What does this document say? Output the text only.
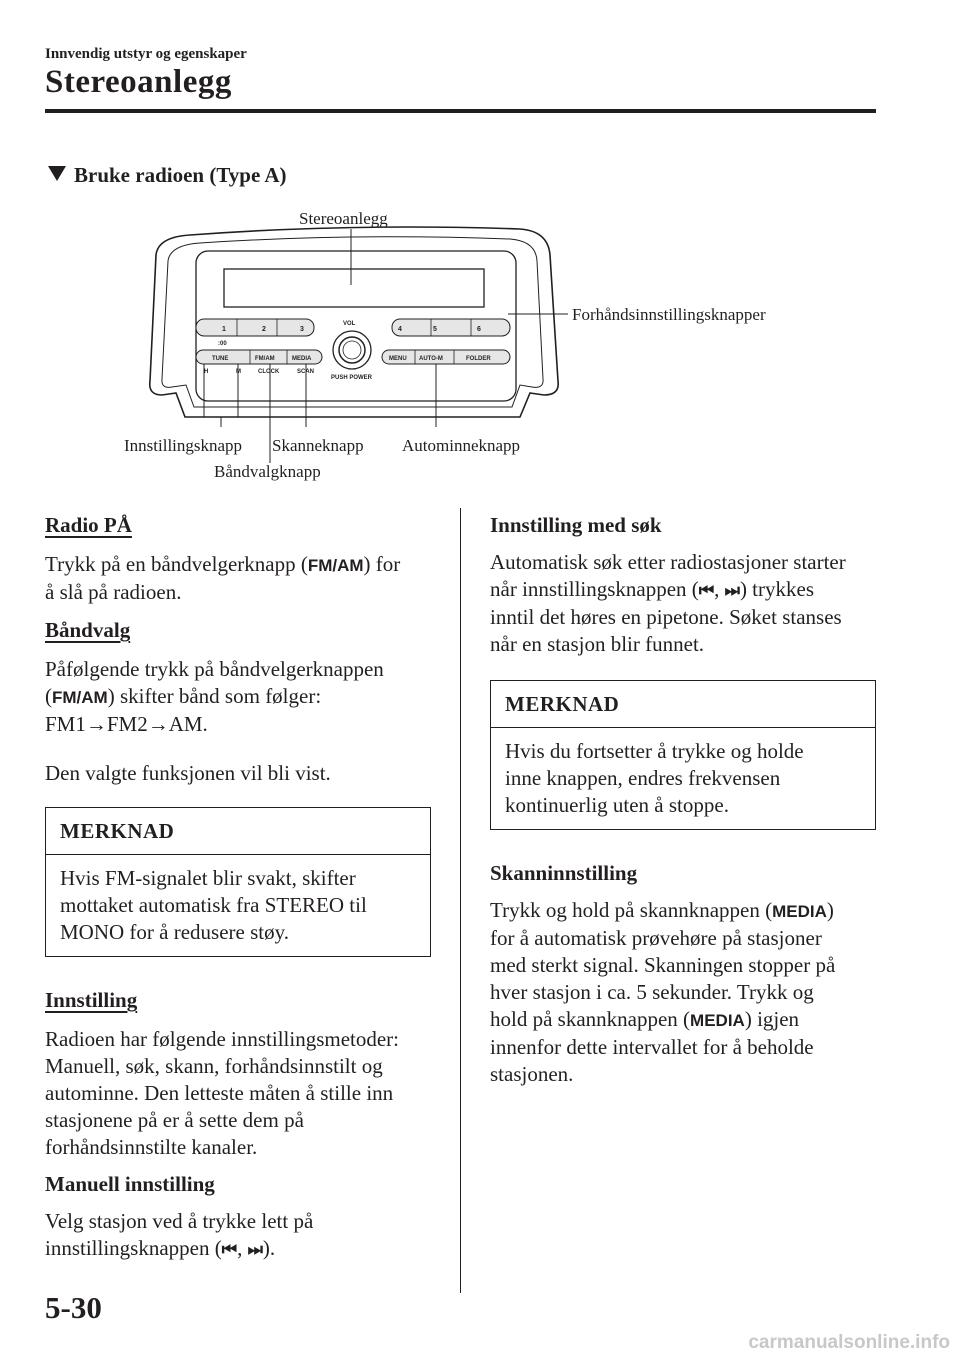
Innvendig utstyr og egenskaper
Stereoanlegg
Bruke radioen (Type A)
1	2	3	4	5	6
:00
VOL
TUNE	FM/AM	MEDIA	MENU AUTO-M	FOLDER
H	M	CLOCK	SCAN
PUSH POWER
Stereoanlegg
Forhåndsinnstillingsknapper
Innstillingsknapp Skanneknapp Autominneknapp
Båndvalgknapp

Radio PÅ

Trykk på en båndvelgerknapp (FM/AM) for
å slå på radioen.

Båndvalg

Påfølgende trykk på båndvelgerknappen
(FM/AM) skifter bånd som følger:
FM1→FM2→AM.

Den valgte funksjonen vil bli vist.

MERKNAD
Hvis FM-signalet blir svakt, skifter
mottaket automatisk fra STEREO til
MONO for å redusere støy.

Innstilling

Radioen har følgende innstillingsmetoder:
Manuell, søk, skann, forhåndsinnstilt og
autominne. Den letteste måten å stille inn
stasjonene på er å sette dem på
forhåndsinnstilte kanaler.

Manuell innstilling

Velg stasjon ved å trykke lett på
innstillingsknappen (⏮, ⏭).

Innstilling med søk

Automatisk søk etter radiostasjoner starter
når innstillingsknappen (⏮, ⏭) trykkes
inntil det høres en pipetone. Søket stanses
når en stasjon blir funnet.

MERKNAD
Hvis du fortsetter å trykke og holde
inne knappen, endres frekvensen
kontinuerlig uten å stoppe.

Skanninnstilling

Trykk og hold på skannknappen (MEDIA)
for å automatisk prøvehøre på stasjoner
med sterkt signal. Skanningen stopper på
hver stasjon i ca. 5 sekunder. Trykk og
hold på skannknappen (MEDIA) igjen
innenfor dette intervallet for å beholde
stasjonen.

5-30
carmanualsonline.info
